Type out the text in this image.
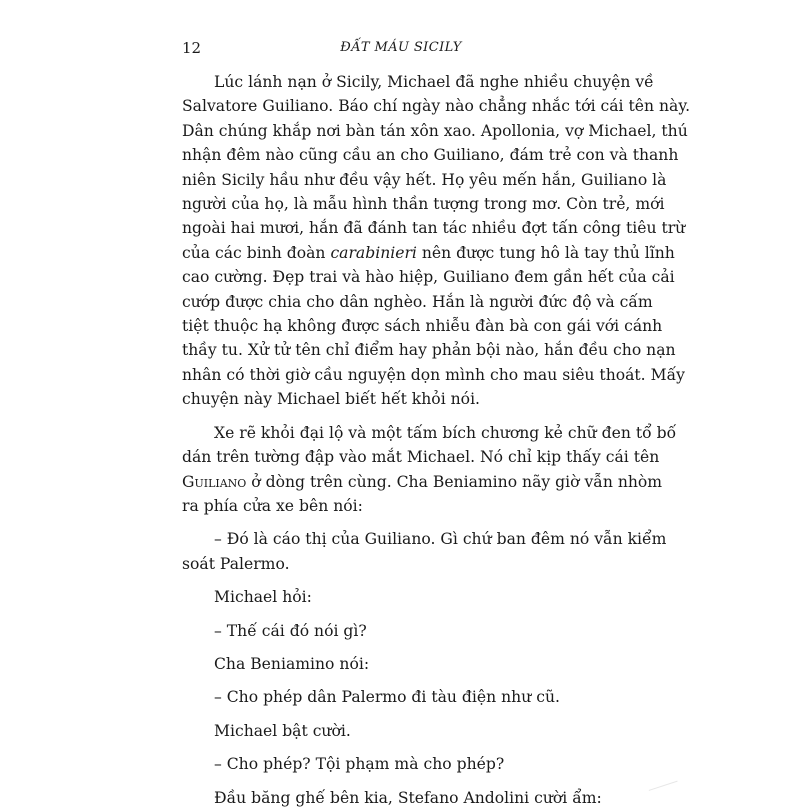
12	ĐẤT MÁU SICILY
Lúc lánh nạn ở Sicily, Michael đã nghe nhiều chuyện về
Salvatore Guiliano. Báo chí ngày nào chẳng nhắc tới cái tên này.
Dân chúng khắp nơi bàn tán xôn xao. Apollonia, vợ Michael, thú
nhận đêm nào cũng cầu an cho Guiliano, đám trẻ con và thanh
niên Sicily hầu như đều vậy hết. Họ yêu mến hắn, Guiliano là
người của họ, là mẫu hình thần tượng trong mơ. Còn trẻ, mới
ngoài hai mươi, hắn đã đánh tan tác nhiều đợt tấn công tiêu trừ
của các binh đoàn carabinieri nên được tung hô là tay thủ lĩnh
cao cường. Đẹp trai và hào hiệp, Guiliano đem gần hết của cải
cướp được chia cho dân nghèo. Hắn là người đức độ và cấm
tiệt thuộc hạ không được sách nhiễu đàn bà con gái với cánh
thầy tu. Xử tử tên chỉ điểm hay phản bội nào, hắn đều cho nạn
nhân có thời giờ cầu nguyện dọn mình cho mau siêu thoát. Mấy
chuyện này Michael biết hết khỏi nói.
Xe rẽ khỏi đại lộ và một tấm bích chương kẻ chữ đen tổ bố
dán trên tường đập vào mắt Michael. Nó chỉ kịp thấy cái tên
Guiliano ở dòng trên cùng. Cha Beniamino nãy giờ vẫn nhòm
ra phía cửa xe bên nói:
– Đó là cáo thị của Guiliano. Gì chứ ban đêm nó vẫn kiểm
soát Palermo.
Michael hỏi:
– Thế cái đó nói gì?
Cha Beniamino nói:
– Cho phép dân Palermo đi tàu điện như cũ.
Michael bật cười.
– Cho phép? Tội phạm mà cho phép?
Đầu băng ghế bên kia, Stefano Andolini cười ẩm:
